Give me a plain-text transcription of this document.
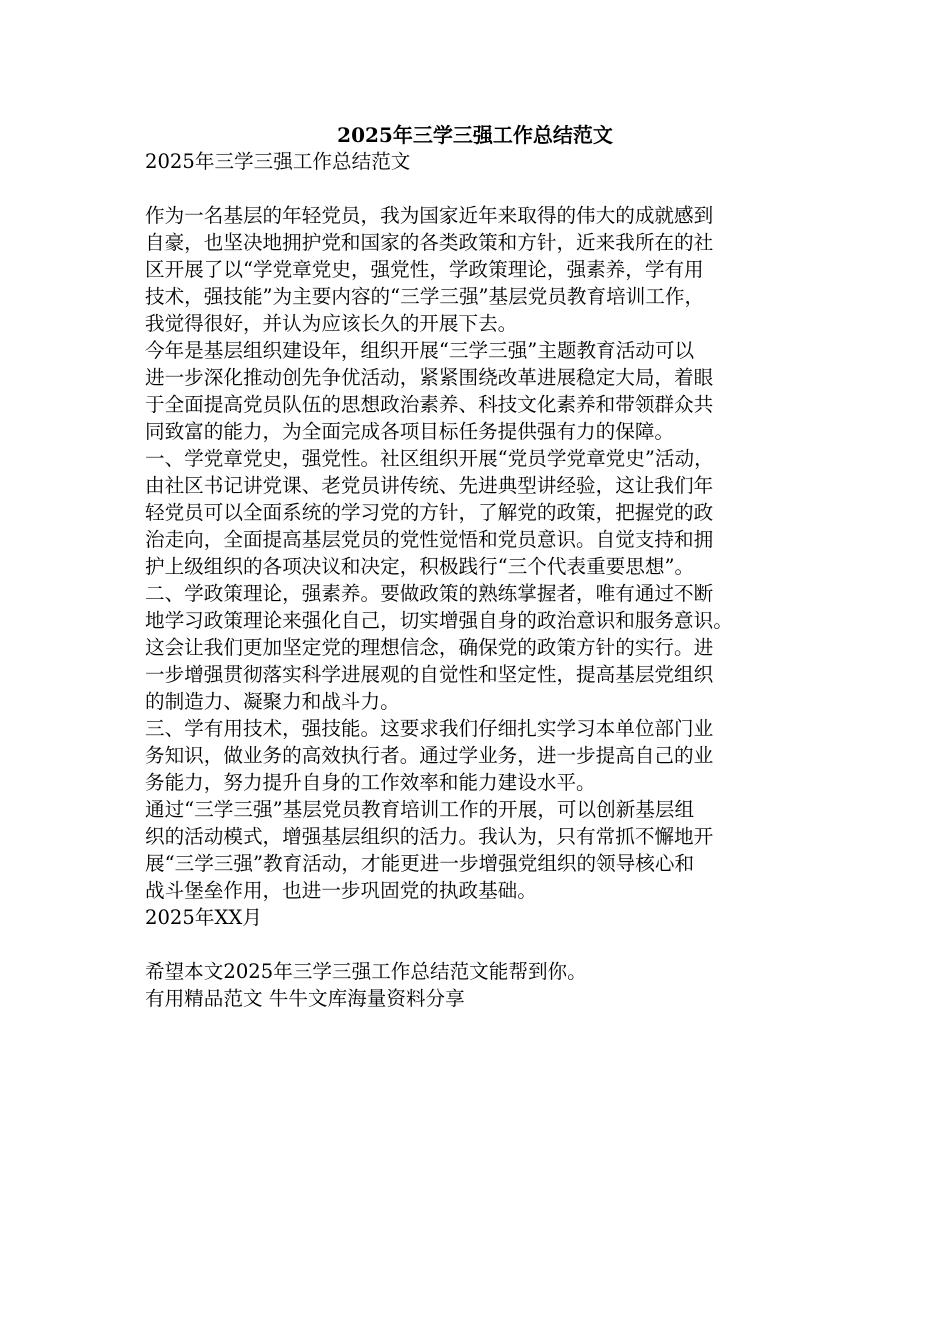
2025年三学三强工作总结范文
2025年三学三强工作总结范文
作为一名基层的年轻党员，我为国家近年来取得的伟大的成就感到
自豪，也坚决地拥护党和国家的各类政策和方针，近来我所在的社
区开展了以“学党章党史，强党性，学政策理论，强素养，学有用
技术，强技能”为主要内容的“三学三强”基层党员教育培训工作，
我觉得很好，并认为应该长久的开展下去。
今年是基层组织建设年，组织开展“三学三强”主题教育活动可以
进一步深化推动创先争优活动，紧紧围绕改革进展稳定大局，着眼
于全面提高党员队伍的思想政治素养、科技文化素养和带领群众共
同致富的能力，为全面完成各项目标任务提供强有力的保障。
一、学党章党史，强党性。社区组织开展“党员学党章党史”活动，
由社区书记讲党课、老党员讲传统、先进典型讲经验，这让我们年
轻党员可以全面系统的学习党的方针，了解党的政策，把握党的政
治走向，全面提高基层党员的党性觉悟和党员意识。自觉支持和拥
护上级组织的各项决议和决定，积极践行“三个代表重要思想”。
二、学政策理论，强素养。要做政策的熟练掌握者，唯有通过不断
地学习政策理论来强化自己，切实增强自身的政治意识和服务意识。
这会让我们更加坚定党的理想信念，确保党的政策方针的实行。进
一步增强贯彻落实科学进展观的自觉性和坚定性，提高基层党组织
的制造力、凝聚力和战斗力。
三、学有用技术，强技能。这要求我们仔细扎实学习本单位部门业
务知识，做业务的高效执行者。通过学业务，进一步提高自己的业
务能力，努力提升自身的工作效率和能力建设水平。
通过“三学三强”基层党员教育培训工作的开展，可以创新基层组
织的活动模式，增强基层组织的活力。我认为，只有常抓不懈地开
展“三学三强”教育活动，才能更进一步增强党组织的领导核心和
战斗堡垒作用，也进一步巩固党的执政基础。
2025年XX月
希望本文2025年三学三强工作总结范文能帮到你。
有用精品范文 牛牛文库海量资料分享
